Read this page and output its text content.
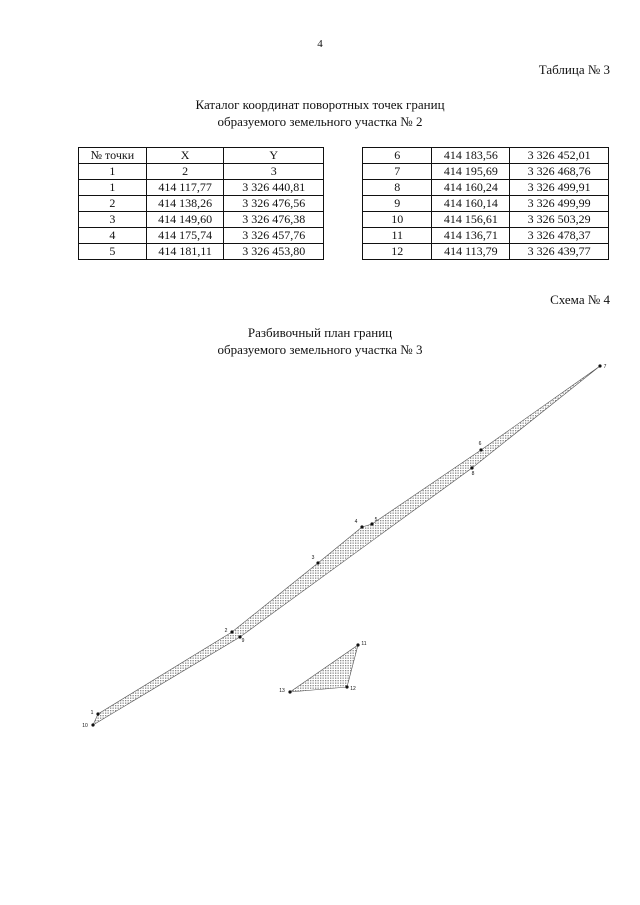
4
Таблица № 3
Каталог координат поворотных точек границ
образуемого земельного участка № 2
№ точки	X	Y
1	2	3
1	414 117,77	3 326 440,81
2	414 138,26	3 326 476,56
3	414 149,60	3 326 476,38
4	414 175,74	3 326 457,76
5	414 181,11	3 326 453,80
6	414 183,56	3 326 452,01
7	414 195,69	3 326 468,76
8	414 160,24	3 326 499,91
9	414 160,14	3 326 499,99
10	414 156,61	3 326 503,29
11	414 136,71	3 326 478,37
12	414 113,79	3 326 439,77
Схема № 4
Разбивочный план границ
образуемого земельного участка № 3
1
2
3
4	5
6
7
8
9
10
11
12
13
